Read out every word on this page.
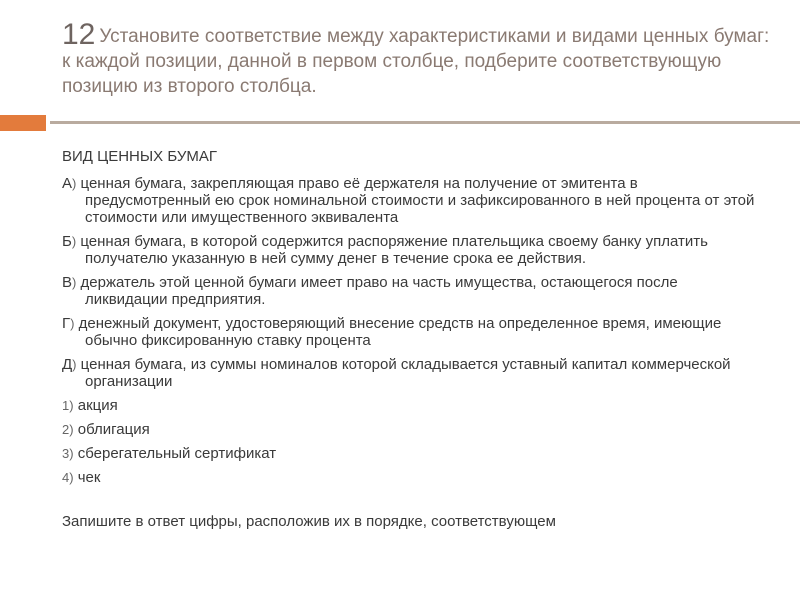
12 Установите соответствие между характеристиками и видами ценных бумаг: к каждой позиции, данной в первом столбце, подберите соответствующую позицию из второго столбца.

ВИД ЦЕННЫХ БУМАГ

А) ценная бумага, закрепляющая право её держателя на получение от эмитента в предусмотренный ею срок номинальной стоимости и зафиксированного в ней процента от этой стоимости или имущественного эквивалента

Б) ценная бумага, в которой содержится распоряжение плательщика своему банку уплатить получателю указанную в ней сумму денег в течение срока ее действия.

В) держатель этой ценной бумаги имеет право на часть имущества, остающегося после ликвидации предприятия.

Г) денежный документ, удостоверяющий внесение средств на определенное время, имеющие обычно фиксированную ставку процента

Д) ценная бумага, из суммы номиналов которой складывается уставный капитал коммерческой организации

1) акция

2) облигация

3) сберегательный сертификат

4) чек

Запишите в ответ цифры, расположив их в порядке, соответствующем
